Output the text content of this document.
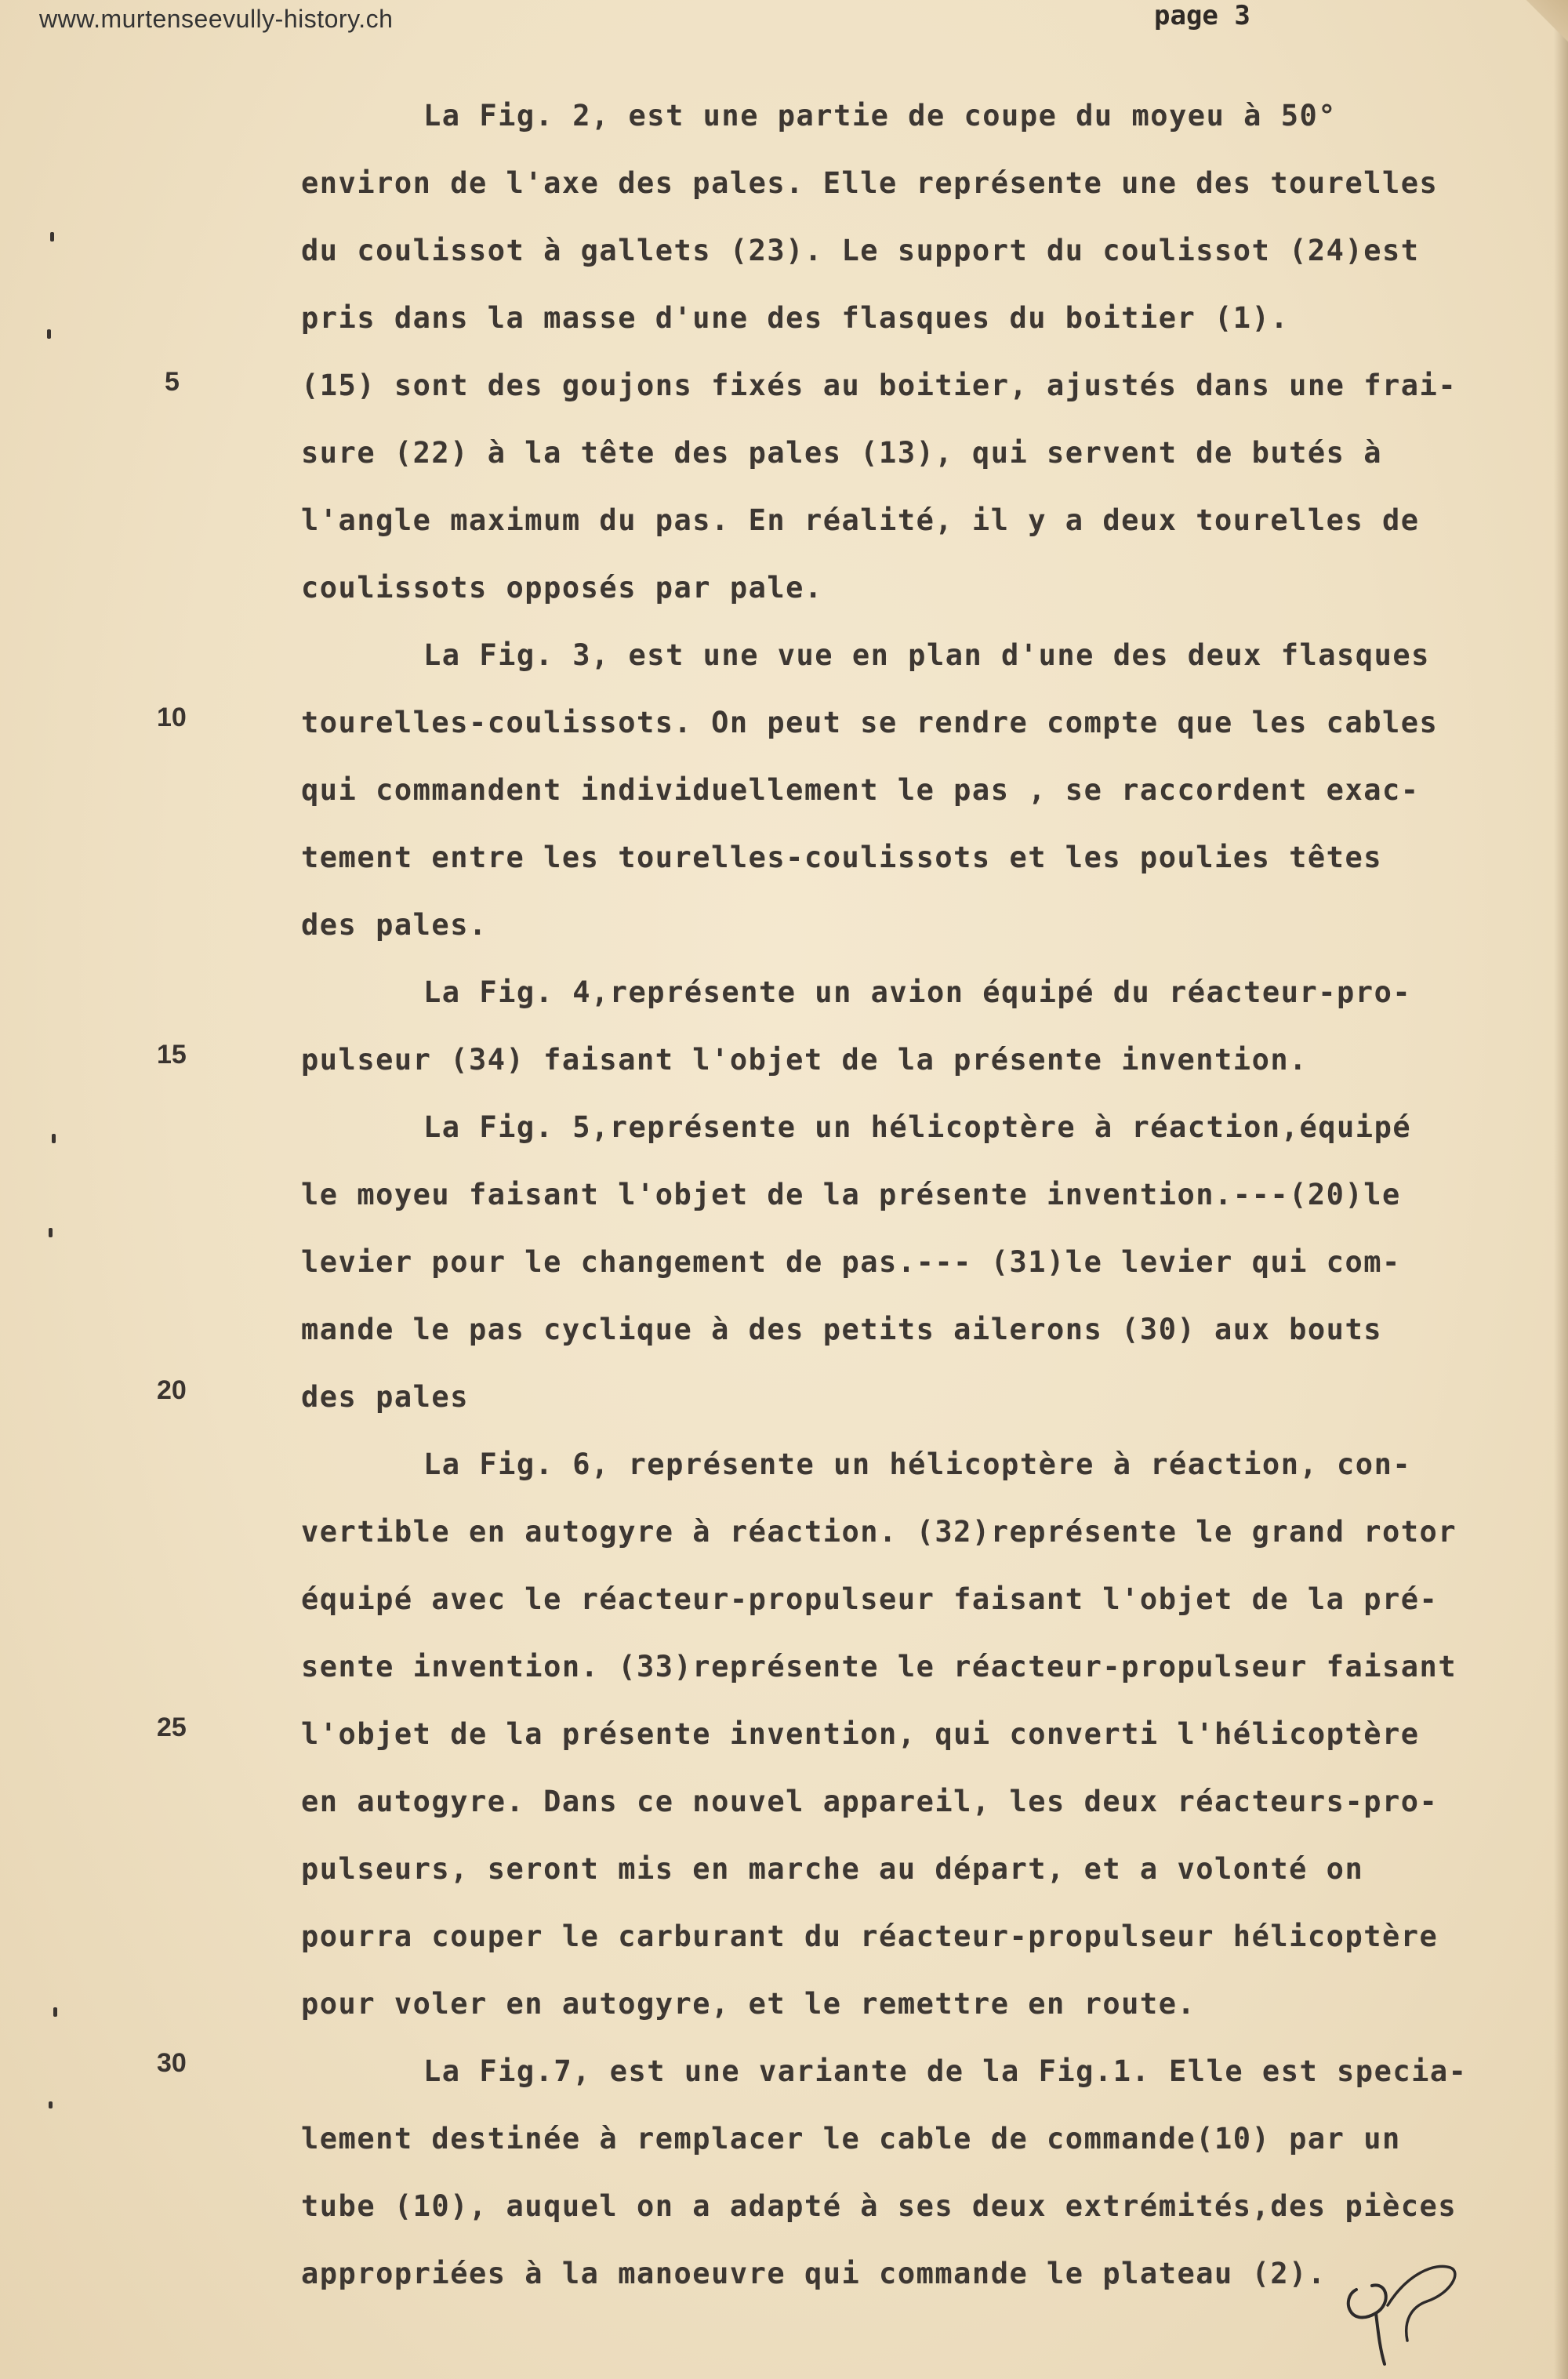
www.murtenseevully-history.ch	page 3
La Fig. 2, est une partie de coupe du moyeu à 50°
environ de l'axe des pales. Elle représente une des tourelles
du coulissot à gallets (23). Le support du coulissot (24)est
pris dans la masse d'une des flasques du boitier (1).
(15) sont des goujons fixés au boitier, ajustés dans une frai-
sure (22) à la tête des pales (13), qui servent de butés à
l'angle maximum du pas. En réalité, il y a deux tourelles de
coulissots opposés par pale.
La Fig. 3, est une vue en plan d'une des deux flasques
tourelles-coulissots. On peut se rendre compte que les cables
qui commandent individuellement le pas , se raccordent exac-
tement entre les tourelles-coulissots et les poulies têtes
des pales.
La Fig. 4,représente un avion équipé du réacteur-pro-
pulseur (34) faisant l'objet de la présente invention.
La Fig. 5,représente un hélicoptère à réaction,équipé
le moyeu faisant l'objet de la présente invention.---(20)le
levier pour le changement de pas.--- (31)le levier qui com-
mande le pas cyclique à des petits ailerons (30) aux bouts
des pales
La Fig. 6, représente un hélicoptère à réaction, con-
vertible en autogyre à réaction. (32)représente le grand rotor
équipé avec le réacteur-propulseur faisant l'objet de la pré-
sente invention. (33)représente le réacteur-propulseur faisant
l'objet de la présente invention, qui converti l'hélicoptère
en autogyre. Dans ce nouvel appareil, les deux réacteurs-pro-
pulseurs, seront mis en marche au départ, et a volonté on
pourra couper le carburant du réacteur-propulseur hélicoptère
pour voler en autogyre, et le remettre en route.
La Fig.7, est une variante de la Fig.1. Elle est specia-
lement destinée à remplacer le cable de commande(10) par un
tube (10), auquel on a adapté à ses deux extrémités,des pièces
appropriées à la manoeuvre qui commande le plateau (2).
5
10
15
20
25
30
